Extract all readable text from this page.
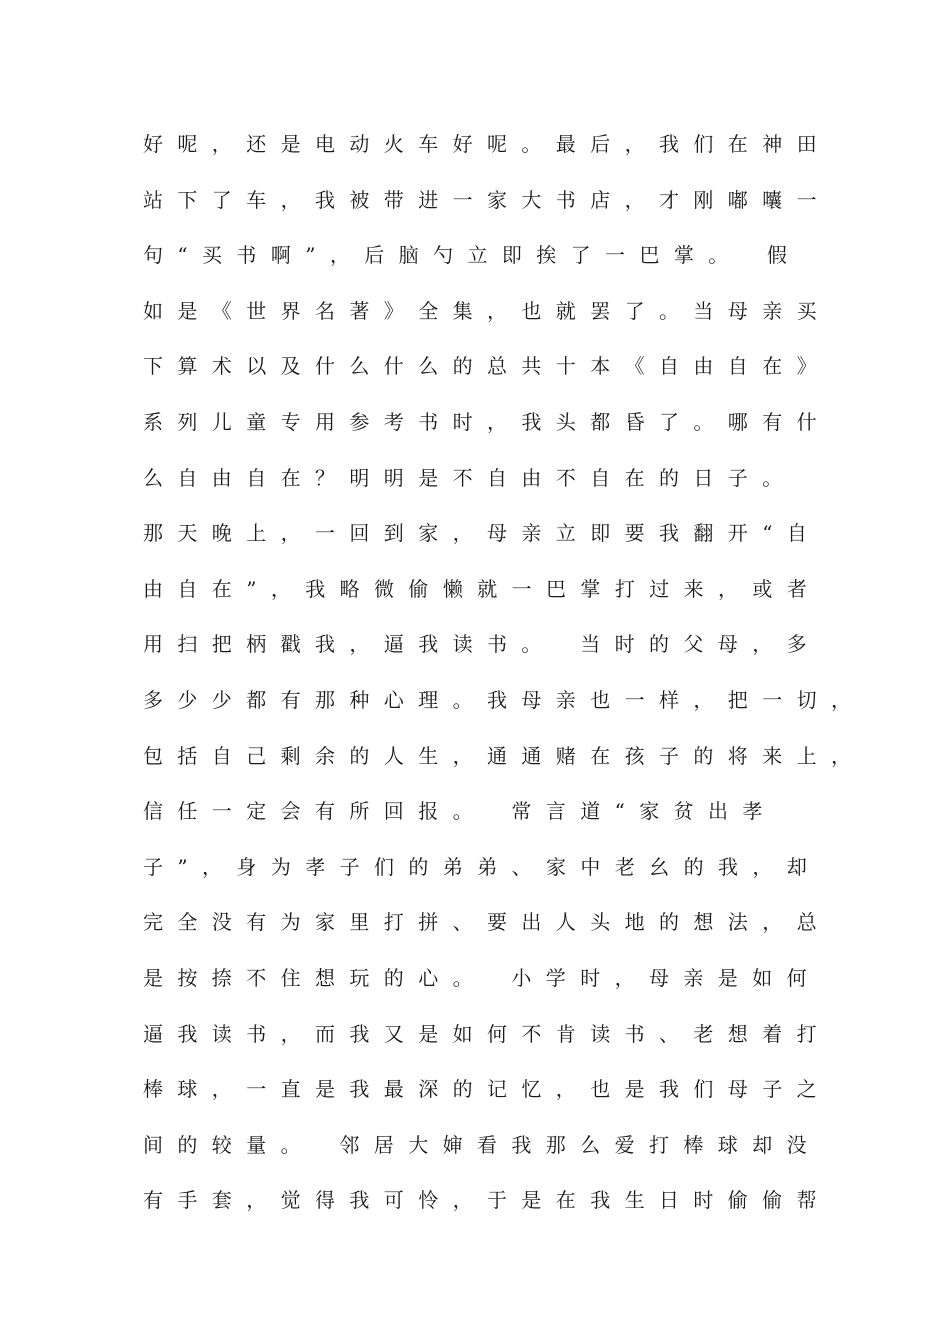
好呢，还是电动火车好呢。最后，我们在神田

站下了车，我被带进一家大书店，才刚嘟囔一

句“买书啊”，后脑勺立即挨了一巴掌。　假

如是《世界名著》全集，也就罢了。当母亲买

下算术以及什么什么的总共十本《自由自在》

系列儿童专用参考书时，我头都昏了。哪有什

么自由自在？明明是不自由不自在的日子。

那天晚上，一回到家，母亲立即要我翻开“自

由自在”，我略微偷懒就一巴掌打过来，或者

用扫把柄戳我，逼我读书。　当时的父母，多

多少少都有那种心理。我母亲也一样，把一切，

包括自己剩余的人生，通通赌在孩子的将来上，

信任一定会有所回报。　常言道“家贫出孝

子”，身为孝子们的弟弟、家中老幺的我，却

完全没有为家里打拼、要出人头地的想法，总

是按捺不住想玩的心。　小学时，母亲是如何

逼我读书，而我又是如何不肯读书、老想着打

棒球，一直是我最深的记忆，也是我们母子之

间的较量。　邻居大婶看我那么爱打棒球却没

有手套，觉得我可怜，于是在我生日时偷偷帮
